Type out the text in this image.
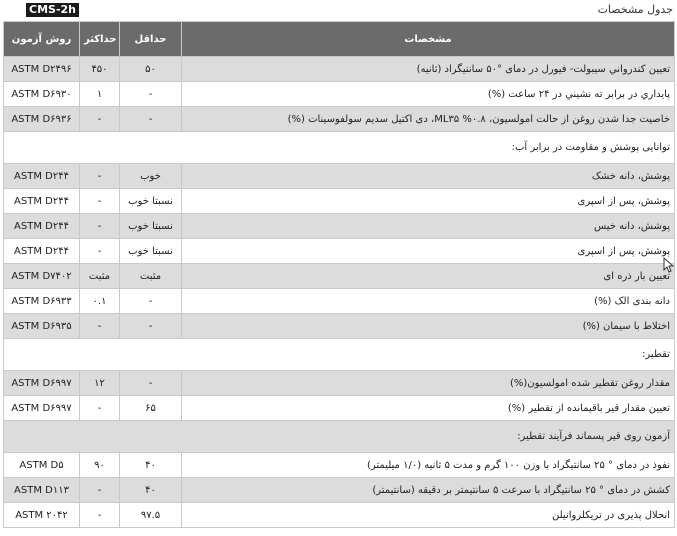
CMS-2h	جدول مشخصات
روش آزمون	حداکثر	حداقل	مشخصات
ASTM D۲۴۹۶	۴۵۰	۵۰	تعیین کندرواني سیبولت- فیورل در دمای °۵۰ سانتیگراد (ثانیه)
ASTM D۶۹۳۰	۱	-	پایداري در برابر ته نشیني در ۲۴ ساعت (%)
ASTM D۶۹۳۶	-	-	خاصیت جدا شدن روغن از حالت امولسیون، ۰.۸% ML۳۵، دی اکتیل سدیم سولفوسینات (%)
توانایی پوشش و مقاومت در برابر آب:			
ASTM D۲۴۴	-	خوب	پوشش، دانه خشک
ASTM D۲۴۴	-	نسبتا خوب	پوشش، پس از اسپری
ASTM D۲۴۴	-	نسبتا خوب	پوشش، دانه خیس
ASTM D۲۴۴	-	نسبتا خوب	پوشش، پس از اسپری
ASTM D۷۴۰۲	مثبت	مثبت	تعیین بار ذره ای
ASTM D۶۹۳۳	۰.۱	-	دانه بندی الک (%)
ASTM D۶۹۳۵	-	-	اختلاط با سیمان (%)
تقطیر:			
ASTM D۶۹۹۷	۱۲	-	مقدار روغن تقطیر شده امولسیون(%)
ASTM D۶۹۹۷	-	۶۵	تعیین مقدار قیر باقیمانده از تقطیر (%)
آزمون روی قیر پسماند فرآیند تقطیر:			
ASTM D۵	۹۰	۴۰	نفوذ در دمای ° ۲۵ سانتیگراد با وزن ۱۰۰ گرم و مدت ۵ ثانیه (۱/۰ میلیمتر)
ASTM D۱۱۳	-	۴۰	کشش در دمای ° ۲۵ سانتیگراد با سرعت ۵ سانتیمتر بر دقیقه (سانتیمتر)
ASTM ۲۰۴۲	-	۹۷.۵	انحلال پذیری در تریکلرواتیلن
